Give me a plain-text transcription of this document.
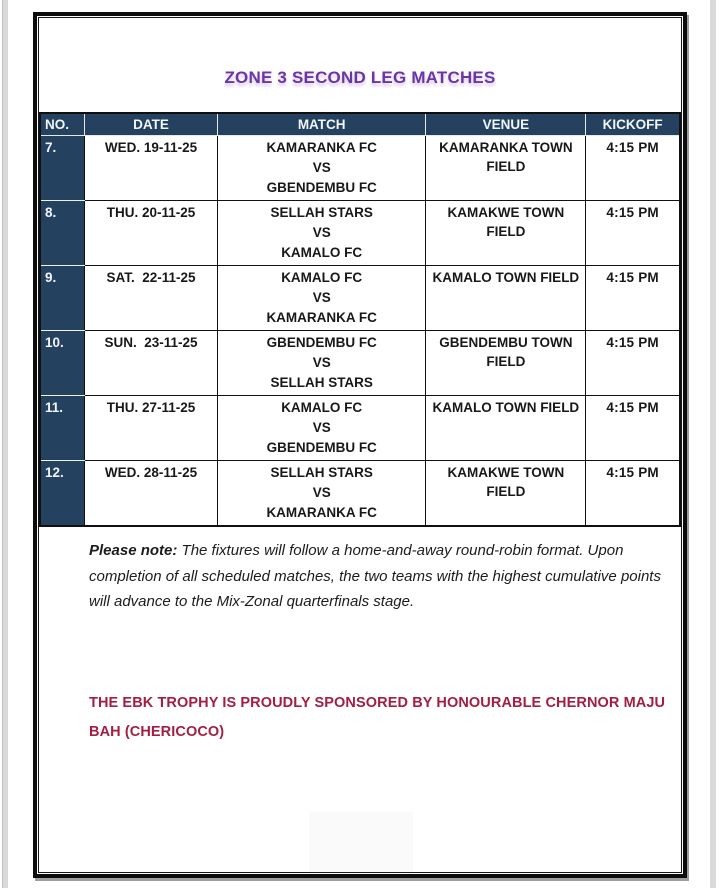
ZONE 3 SECOND LEG MATCHES
NO.	DATE	MATCH	VENUE	KICKOFF
7.	WED. 19-11-25	KAMARANKA FC
VS
GBENDEMBU FC	KAMARANKA TOWN FIELD	4:15 PM
8.	THU. 20-11-25	SELLAH STARS
VS
KAMALO FC	KAMAKWE TOWN FIELD	4:15 PM
9.	SAT.  22-11-25	KAMALO FC
VS
KAMARANKA FC	KAMALO TOWN FIELD	4:15 PM
10.	SUN.  23-11-25	GBENDEMBU FC
VS
SELLAH STARS	GBENDEMBU TOWN FIELD	4:15 PM
11.	THU. 27-11-25	KAMALO FC
VS
GBENDEMBU FC	KAMALO TOWN FIELD	4:15 PM
12.	WED. 28-11-25	SELLAH STARS
VS
KAMARANKA FC	KAMAKWE TOWN FIELD	4:15 PM

Please note: The fixtures will follow a home-and-away round-robin format. Upon completion of all scheduled matches, the two teams with the highest cumulative points will advance to the Mix-Zonal quarterfinals stage.

THE EBK TROPHY IS PROUDLY SPONSORED BY HONOURABLE CHERNOR MAJU BAH (CHERICOCO)
